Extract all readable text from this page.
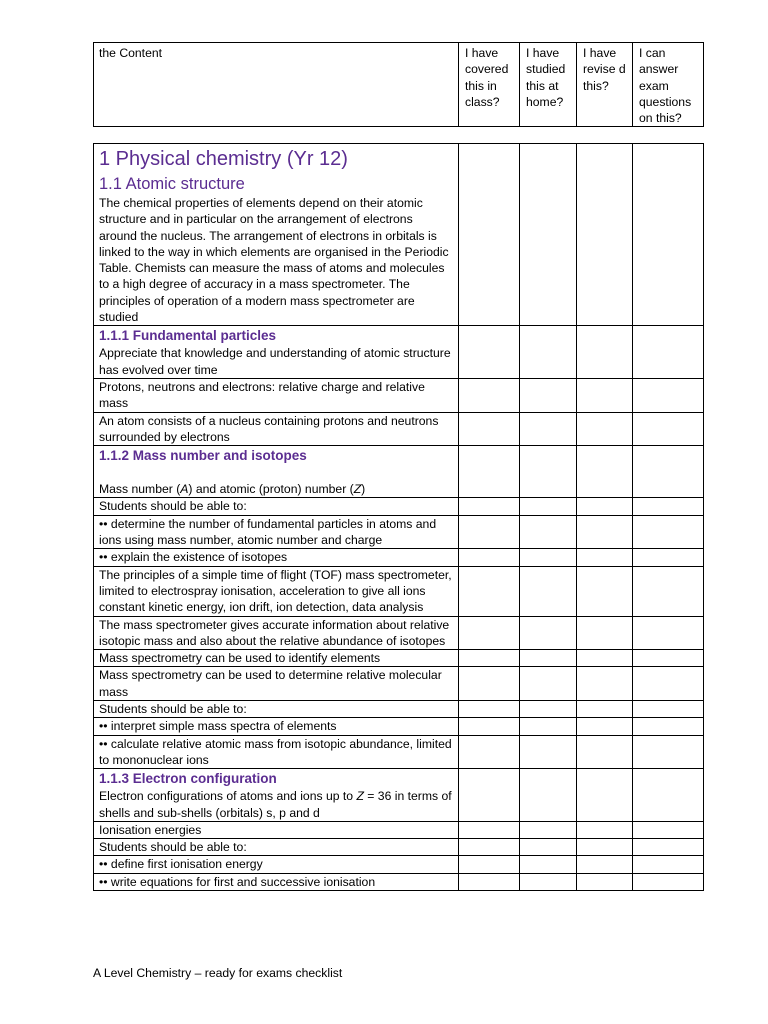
the Content	I have covered this in class?	I have studied this at home?	I have revise d this?	I can answer exam questions on this?
1 Physical chemistry (Yr 12)
1.1 Atomic structure
The chemical properties of elements depend on their atomic structure and in particular on the arrangement of electrons around the nucleus. The arrangement of electrons in orbitals is linked to the way in which elements are organised in the Periodic Table. Chemists can measure the mass of atoms and molecules to a high degree of accuracy in a mass spectrometer. The principles of operation of a modern mass spectrometer are studied				

1.1.1 Fundamental particles
Appreciate that knowledge and understanding of atomic structure has evolved over time				

Protons, neutrons and electrons: relative charge and relative mass				
An atom consists of a nucleus containing protons and neutrons surrounded by electrons				

1.1.2 Mass number and isotopes
Mass number (A) and atomic (proton) number (Z)				

Students should be able to:				
•• determine the number of fundamental particles in atoms and ions using mass number, atomic number and charge				
•• explain the existence of isotopes				
The principles of a simple time of flight (TOF) mass spectrometer, limited to electrospray ionisation, acceleration to give all ions constant kinetic energy, ion drift, ion detection, data analysis				
The mass spectrometer gives accurate information about relative isotopic mass and also about the relative abundance of isotopes				
Mass spectrometry can be used to identify elements				
Mass spectrometry can be used to determine relative molecular mass				
Students should be able to:				
•• interpret simple mass spectra of elements				
•• calculate relative atomic mass from isotopic abundance, limited to mononuclear ions				

1.1.3 Electron configuration
Electron configurations of atoms and ions up to Z = 36 in terms of shells and sub-shells (orbitals) s, p and d				

Ionisation energies				
Students should be able to:				
•• define first ionisation energy				
•• write equations for first and successive ionisation				
A Level Chemistry – ready for exams checklist
